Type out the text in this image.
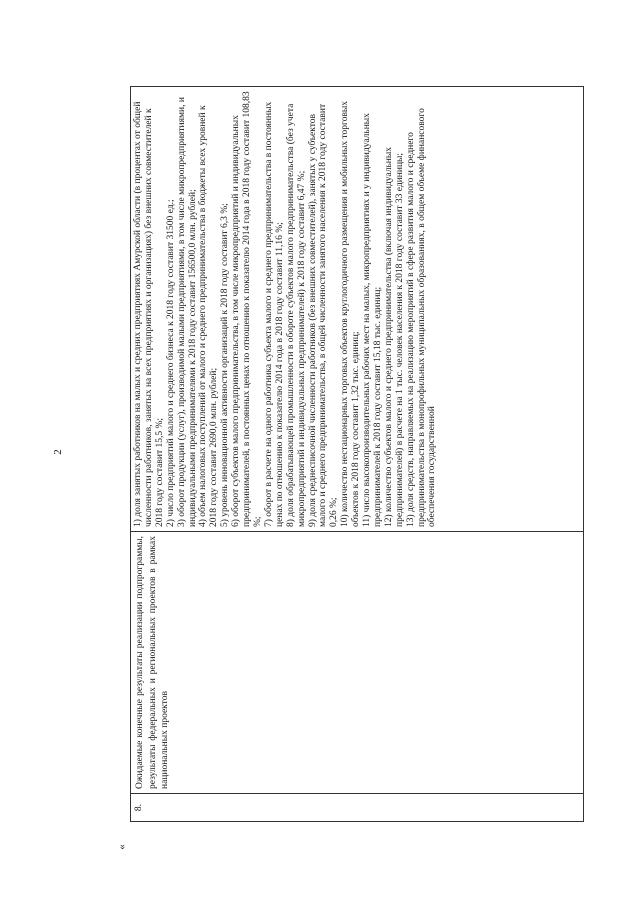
2
«
8.
Ожидаемые конечные результаты реализации подпрограммы, результаты федеральных и региональных проектов в рамках национальных проектов

1) доля занятых работников на малых и средних предприятиях Амурской области (в процентах от общей численности работников, занятых на всех предприятиях и организациях) без внешних совместителей к 2018 году составит 15,5 %; 2) число предприятий малого и среднего бизнеса к 2018 году составит 31500 ед.; 3) оборот продукции (услуг), производимой малыми предприятиями, в том числе микропредприятиями, и индивидуальными предпринимателями к 2018 году составит 156500,0 млн. рублей; 4) объем налоговых поступлений от малого и среднего предпринимательства в бюджеты всех уровней к 2018 году составит 2690,0 млн. рублей; 5) уровень инновационной активности организаций к 2018 году составит 6,3 %; 6) оборот субъектов малого предпринимательства, в том числе микропредприятий и индивидуальных предпринимателей, в постоянных ценах по отношению к показателю 2014 года в 2018 году составит 108,83 %; 7) оборот в расчете на одного работника субъекта малого и среднего предпринимательства в постоянных ценах по отношению к показателю 2014 года в 2018 году составит 11,16 %; 8) доля обрабатывающей промышленности в обороте субъектов малого предпринимательства (без учета микропредприятий и индивидуальных предпринимателей) к 2018 году составит 6,47 %; 9) доля среднесписочной численности работников (без внешних совместителей), занятых у субъектов малого и среднего предпринимательства, в общей численности занятого населения к 2018 году составит 0,26 %; 10) количество нестационарных торговых объектов круглогодичного размещения и мобильных торговых объектов к 2018 году составит 1,32 тыс. единиц; 11) число высокопроизводительных рабочих мест на малых, микропредприятиях и у индивидуальных предпринимателей к 2018 году составит 15,18 тыс. единиц; 12) количество субъектов малого и среднего предпринимательства (включая индивидуальных предпринимателей) в расчете на 1 тыс. человек населения к 2018 году составит 33 единицы; 13) доля средств, направляемых на реализацию мероприятий в сфере развития малого и среднего предпринимательства в монопрофильных муниципальных образованиях, в общем объеме финансового обеспечения государственной
